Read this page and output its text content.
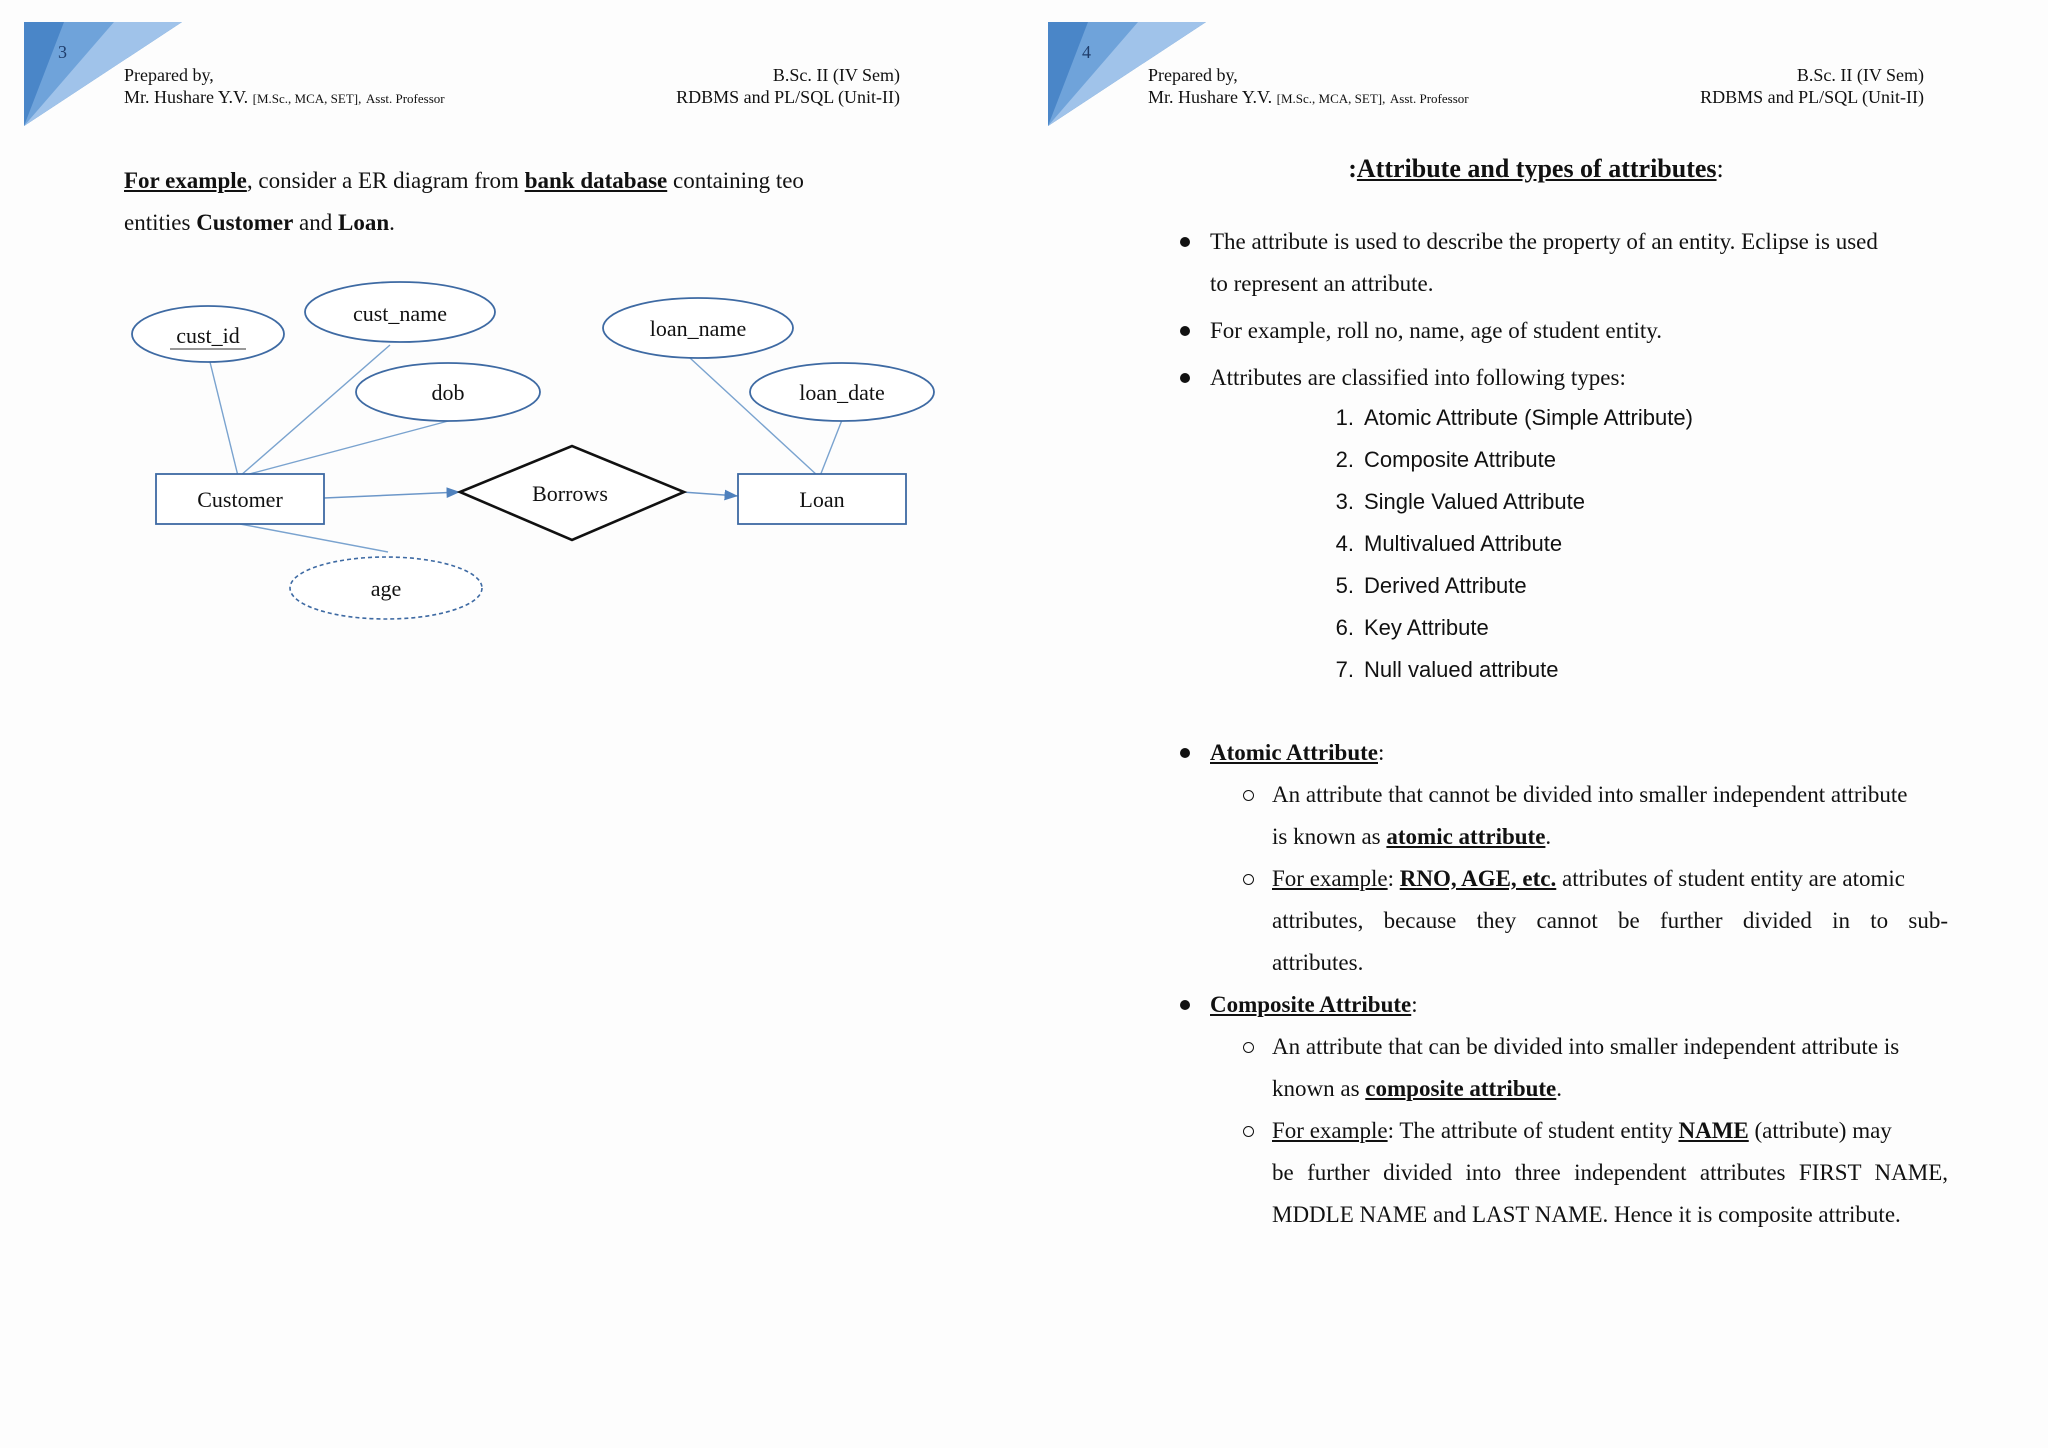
3
Prepared by,
Mr. Hushare Y.V. [M.Sc., MCA, SET], Asst. Professor
B.Sc. II (IV Sem)
RDBMS and PL/SQL (Unit-II)
For example, consider a ER diagram from bank database containing teo
entities Customer and Loan.
cust_id
cust_name
dob
age
loan_name
loan_date
Customer	Loan
Borrows
4
Prepared by,
Mr. Hushare Y.V. [M.Sc., MCA, SET], Asst. Professor
B.Sc. II (IV Sem)
RDBMS and PL/SQL (Unit-II)
:Attribute and types of attributes:
The attribute is used to describe the property of an entity. Eclipse is used
to represent an attribute.
For example, roll no, name, age of student entity.
Attributes are classified into following types:
1. Atomic Attribute (Simple Attribute)
2. Composite Attribute
3. Single Valued Attribute
4. Multivalued Attribute
5. Derived Attribute
6. Key Attribute
7. Null valued attribute
Atomic Attribute:
An attribute that cannot be divided into smaller independent attribute
is known as atomic attribute.
For example: RNO, AGE, etc. attributes of student entity are atomic
attributes, because they cannot be further divided in to sub-
attributes.
Composite Attribute:
An attribute that can be divided into smaller independent attribute is
known as composite attribute.
For example: The attribute of student entity NAME (attribute) may
be further divided into three independent attributes FIRST NAME,
MDDLE NAME and LAST NAME. Hence it is composite attribute.
